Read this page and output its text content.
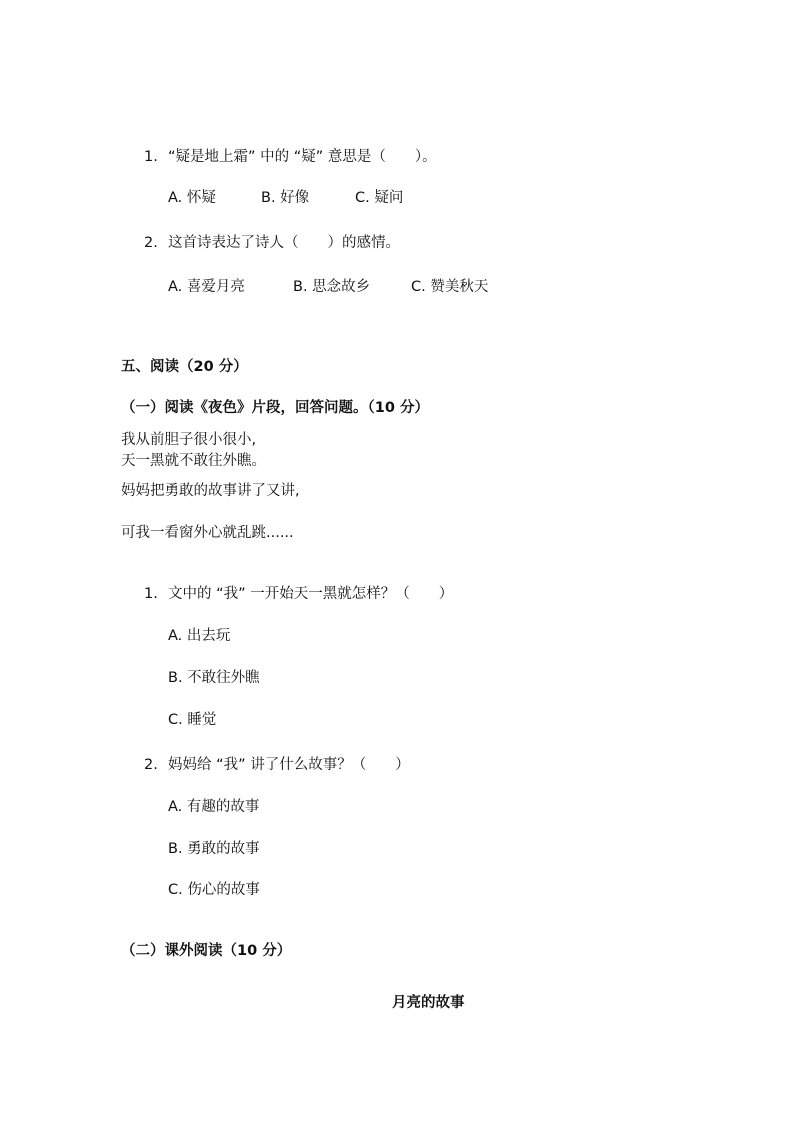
1. “疑是地上霜” 中的 “疑” 意思是（　　）。
A. 怀疑	B. 好像	C. 疑问
2. 这首诗表达了诗人（　　）的感情。
A. 喜爱月亮	B. 思念故乡	C. 赞美秋天
五、阅读（20 分）
（一）阅读《夜色》片段，回答问题。（10 分）
我从前胆子很小很小,
天一黑就不敢往外瞧。
妈妈把勇敢的故事讲了又讲,
可我一看窗外心就乱跳......
1. 文中的 “我” 一开始天一黑就怎样？（　　）
A. 出去玩
B. 不敢往外瞧
C. 睡觉
2. 妈妈给 “我” 讲了什么故事？（　　）
A. 有趣的故事
B. 勇敢的故事
C. 伤心的故事
（二）课外阅读（10 分）
月亮的故事
